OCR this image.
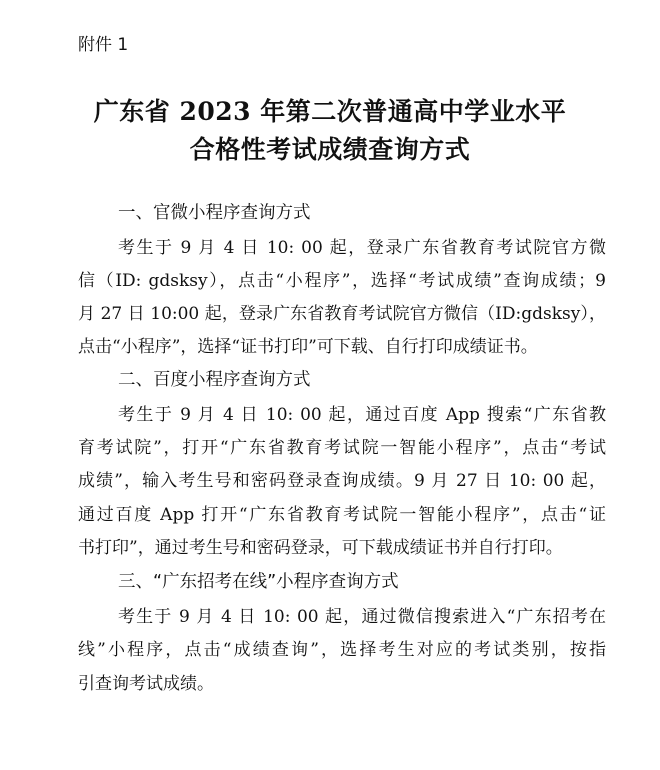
附件 1
广东省 2023 年第二次普通高中学业水平
合格性考试成绩查询方式
一、官微小程序查询方式
考生于 9 月 4 日 10: 00 起，登录广东省教育考试院官方微
信（ID: gdsksy），点击“小程序”，选择“考试成绩”查询成绩；9
月 27 日 10:00 起，登录广东省教育考试院官方微信（ID:gdsksy），
点击“小程序”，选择“证书打印”可下载、自行打印成绩证书。
二、百度小程序查询方式
考生于 9 月 4 日 10: 00 起，通过百度 App 搜索“广东省教
育考试院”，打开“广东省教育考试院一智能小程序”，点击“考试
成绩”，输入考生号和密码登录查询成绩。9 月 27 日 10: 00 起，
通过百度 App 打开“广东省教育考试院一智能小程序”，点击“证
书打印”，通过考生号和密码登录，可下载成绩证书并自行打印。
三、“广东招考在线”小程序查询方式
考生于 9 月 4 日 10: 00 起，通过微信搜索进入“广东招考在
线”小程序，点击“成绩查询”，选择考生对应的考试类别，按指
引查询考试成绩。
